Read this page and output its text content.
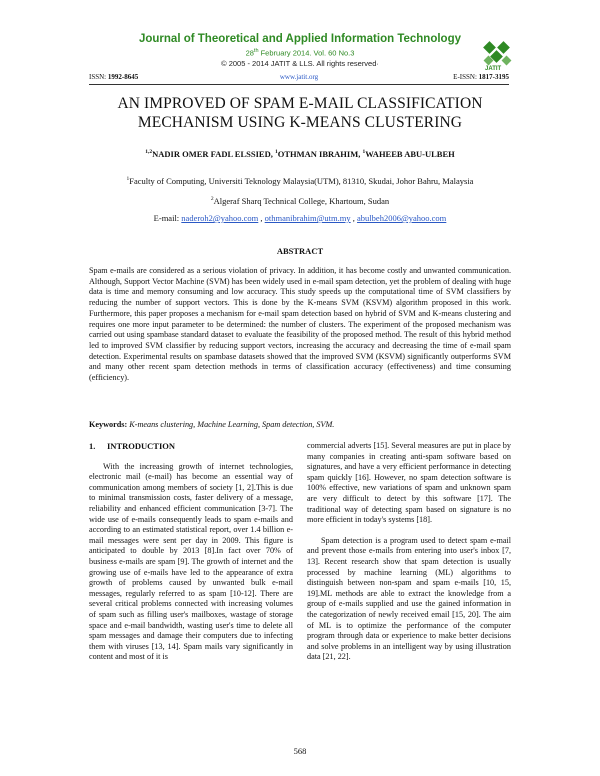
Journal of Theoretical and Applied Information Technology
28th February 2014. Vol. 60 No.3
© 2005 - 2014 JATIT & LLS. All rights reserved·
JATIT
ISSN: 1992-8645	www.jatit.org	E-ISSN: 1817-3195
AN IMPROVED OF SPAM E-MAIL CLASSIFICATION
MECHANISM USING K-MEANS CLUSTERING
$^{1,2}$NADIR OMER FADL ELSSIED, $^1$OTHMAN IBRAHIM, $^1$WAHEEB ABU-ULBEH
$^1$Faculty of Computing, Universiti Teknology Malaysia(UTM), 81310, Skudai, Johor Bahru, Malaysia
$^2$Algeraf Sharq Technical College, Khartoum, Sudan
E-mail: naderoh2@yahoo.com , othmanibrahim@utm.my , abulbeh2006@yahoo.com
ABSTRACT
Spam e-mails are considered as a serious violation of privacy. In addition, it has become costly and unwanted communication. Although, Support Vector Machine (SVM) has been widely used in e-mail spam detection, yet the problem of dealing with huge data is time and memory consuming and low accuracy. This study speeds up the computational time of SVM classifiers by reducing the number of support vectors. This is done by the K-means SVM (KSVM) algorithm proposed in this work. Furthermore, this paper proposes a mechanism for e-mail spam detection based on hybrid of SVM and K-means clustering and requires one more input parameter to be determined: the number of clusters. The experiment of the proposed mechanism was carried out using spambase standard dataset to evaluate the feasibility of the proposed method. The result of this hybrid method led to improved SVM classifier by reducing support vectors, increasing the accuracy and decreasing the time of e-mail spam detection. Experimental results on spambase datasets showed that the improved SVM (KSVM) significantly outperforms SVM and many other recent spam detection methods in terms of classification accuracy (effectiveness) and time consuming (efficiency).
Keywords: K-means clustering, Machine Learning, Spam detection, SVM.
1. INTRODUCTION

With the increasing growth of internet technologies, electronic mail (e-mail) has become an essential way of communication among members of society [1, 2].This is due to minimal transmission costs, faster delivery of a message, reliability and enhanced efficient communication [3-7]. The wide use of e-mails consequently leads to spam e-mails and according to an estimated statistical report, over 1.4 billion e-mail messages were sent per day in 2009. This figure is anticipated to double by 2013 [8].In fact over 70% of business e-mails are spam [9]. The growth of internet and the growing use of e-mails have led to the appearance of extra growth of problems caused by unwanted bulk e-mail messages, regularly referred to as spam [10-12]. There are several critical problems connected with increasing volumes of spam such as filling user's mailboxes, wastage of storage space and e-mail bandwidth, wasting user's time to delete all spam messages and damage their computers due to infecting them with viruses [13, 14]. Spam mails vary significantly in content and most of it is

commercial adverts [15]. Several measures are put in place by many companies in creating anti-spam software based on signatures, and have a very efficient performance in detecting spam quickly [16]. However, no spam detection software is 100% effective, new variations of spam and unknown spam are very difficult to detect by this software [17]. The traditional way of detecting spam based on signature is no more efficient in today's systems [18].

Spam detection is a program used to detect spam e-mail and prevent those e-mails from entering into user's inbox [7, 13]. Recent research show that spam detection is usually processed by machine learning (ML) algorithms to distinguish between non-spam and spam e-mails [10, 15, 19].ML methods are able to extract the knowledge from a group of e-mails supplied and use the gained information in the categorization of newly received email [15, 20]. The aim of ML is to optimize the performance of the computer program through data or experience to make better decisions and solve problems in an intelligent way by using illustration data [21, 22].

568
